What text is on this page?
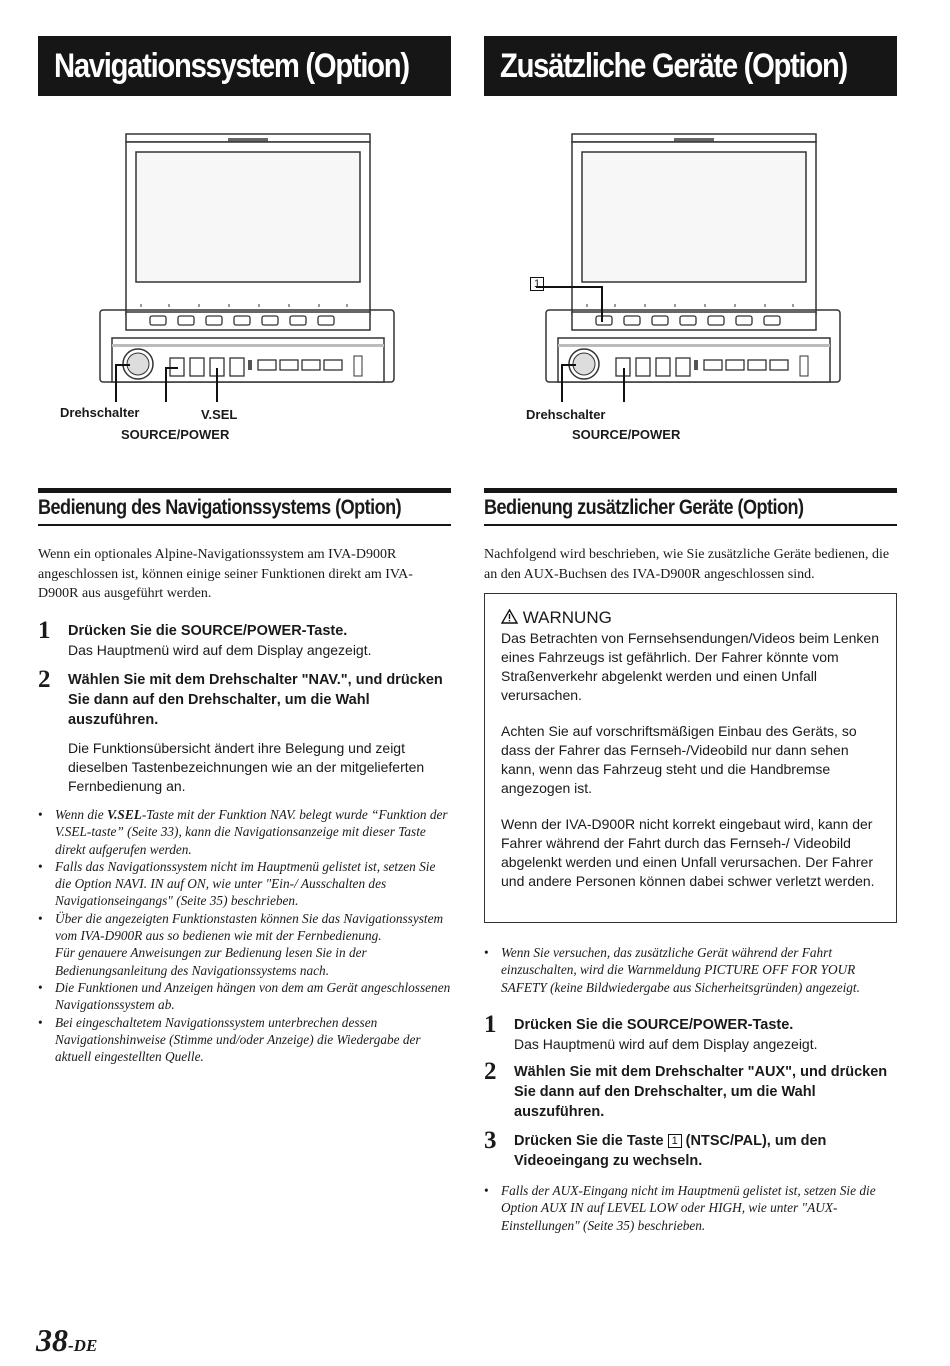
Navigationssystem (Option)
Drehschalter	V.SEL
SOURCE/POWER
Bedienung des Navigationssystems (Option)
Wenn ein optionales Alpine-Navigationssystem am IVA-D900R angeschlossen ist, können einige seiner Funktionen direkt am IVA-D900R aus ausgeführt werden.
1 Drücken Sie die SOURCE/POWER-Taste.
Das Hauptmenü wird auf dem Display angezeigt.
2 Wählen Sie mit dem Drehschalter "NAV.", und drücken Sie dann auf den Drehschalter, um die Wahl auszuführen.
Die Funktionsübersicht ändert ihre Belegung und zeigt dieselben Tastenbezeichnungen wie an der mitgelieferten Fernbedienung an.
• Wenn die V.SEL-Taste mit der Funktion NAV. belegt wurde “Funktion der V.SEL-taste” (Seite 33), kann die Navigationsanzeige mit dieser Taste direkt aufgerufen werden.
• Falls das Navigationssystem nicht im Hauptmenü gelistet ist, setzen Sie die Option NAVI. IN auf ON, wie unter "Ein-/ Ausschalten des Navigationseingangs" (Seite 35) beschrieben.
• Über die angezeigten Funktionstasten können Sie das Navigationssystem vom IVA-D900R aus so bedienen wie mit der Fernbedienung.
Für genauere Anweisungen zur Bedienung lesen Sie in der Bedienungsanleitung des Navigationssystems nach.
• Die Funktionen und Anzeigen hängen von dem am Gerät angeschlossenen Navigationssystem ab.
• Bei eingeschaltetem Navigationssystem unterbrechen dessen Navigationshinweise (Stimme und/oder Anzeige) die Wiedergabe der aktuell eingestellten Quelle.
Zusätzliche Geräte (Option)
1
Drehschalter
SOURCE/POWER
Bedienung zusätzlicher Geräte (Option)
Nachfolgend wird beschrieben, wie Sie zusätzliche Geräte bedienen, die an den AUX-Buchsen des IVA-D900R angeschlossen sind.
WARNUNG

Das Betrachten von Fernsehsendungen/Videos beim Lenken eines Fahrzeugs ist gefährlich. Der Fahrer könnte vom Straßenverkehr abgelenkt werden und einen Unfall verursachen.

Achten Sie auf vorschriftsmäßigen Einbau des Geräts, so dass der Fahrer das Fernseh-/Videobild nur dann sehen kann, wenn das Fahrzeug steht und die Handbremse angezogen ist.

Wenn der IVA-D900R nicht korrekt eingebaut wird, kann der Fahrer während der Fahrt durch das Fernseh-/ Videobild abgelenkt werden und einen Unfall verursachen. Der Fahrer und andere Personen können dabei schwer verletzt werden.

• Wenn Sie versuchen, das zusätzliche Gerät während der Fahrt einzuschalten, wird die Warnmeldung PICTURE OFF FOR YOUR SAFETY (keine Bildwiedergabe aus Sicherheitsgründen) angezeigt.
1 Drücken Sie die SOURCE/POWER-Taste.
Das Hauptmenü wird auf dem Display angezeigt.
2 Wählen Sie mit dem Drehschalter "AUX", und drücken Sie dann auf den Drehschalter, um die Wahl auszuführen.
3 Drücken Sie die Taste 1 (NTSC/PAL), um den Videoeingang zu wechseln.
• Falls der AUX-Eingang nicht im Hauptmenü gelistet ist, setzen Sie die Option AUX IN auf LEVEL LOW oder HIGH, wie unter "AUX-Einstellungen" (Seite 35) beschrieben.
38-DE
